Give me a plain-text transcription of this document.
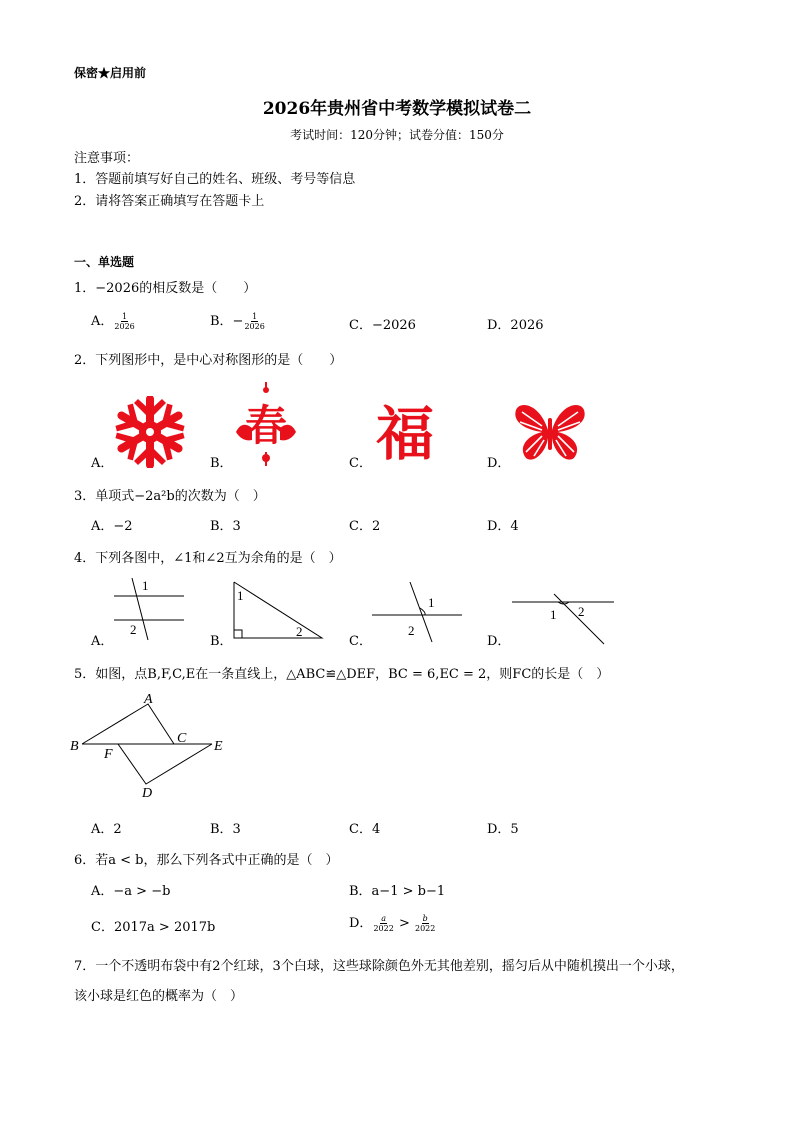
保密★启用前
2026年贵州省中考数学模拟试卷二
考试时间：120分钟；试卷分值：150分
注意事项：
1．答题前填写好自己的姓名、班级、考号等信息
2．请将答案正确填写在答题卡上
一、单选题
1．−2026的相反数是（　　）
A． $\frac{1}{2026}$	B．− $\frac{1}{2026}$	C．−2026	D．2026
2．下列图形中，是中心对称图形的是（　　）
春 福
A．	B．	C．	D．
3．单项式−2a²b的次数为（　）
A．−2	B．3	C．2	D．4
4．下列各图中，∠1和∠2互为余角的是（　）
1
2
1
2
1
2
1 2
A．	B．	C．	D．
5．如图，点B,F,C,E在一条直线上，△ABC≌△DEF，BC = 6,EC = 2，则FC的长是（　）
A
B
C
D
E
F
A．2	B．3	C．4	D．5
6．若a < b，那么下列各式中正确的是（　）
A．−a > −b	B．a−1 > b−1
C．2017a > 2017b	D． $\frac{a}{2022} > \frac{b}{2022}$
7．一个不透明布袋中有2个红球，3个白球，这些球除颜色外无其他差别，摇匀后从中随机摸出一个小球，
该小球是红色的概率为（　）
